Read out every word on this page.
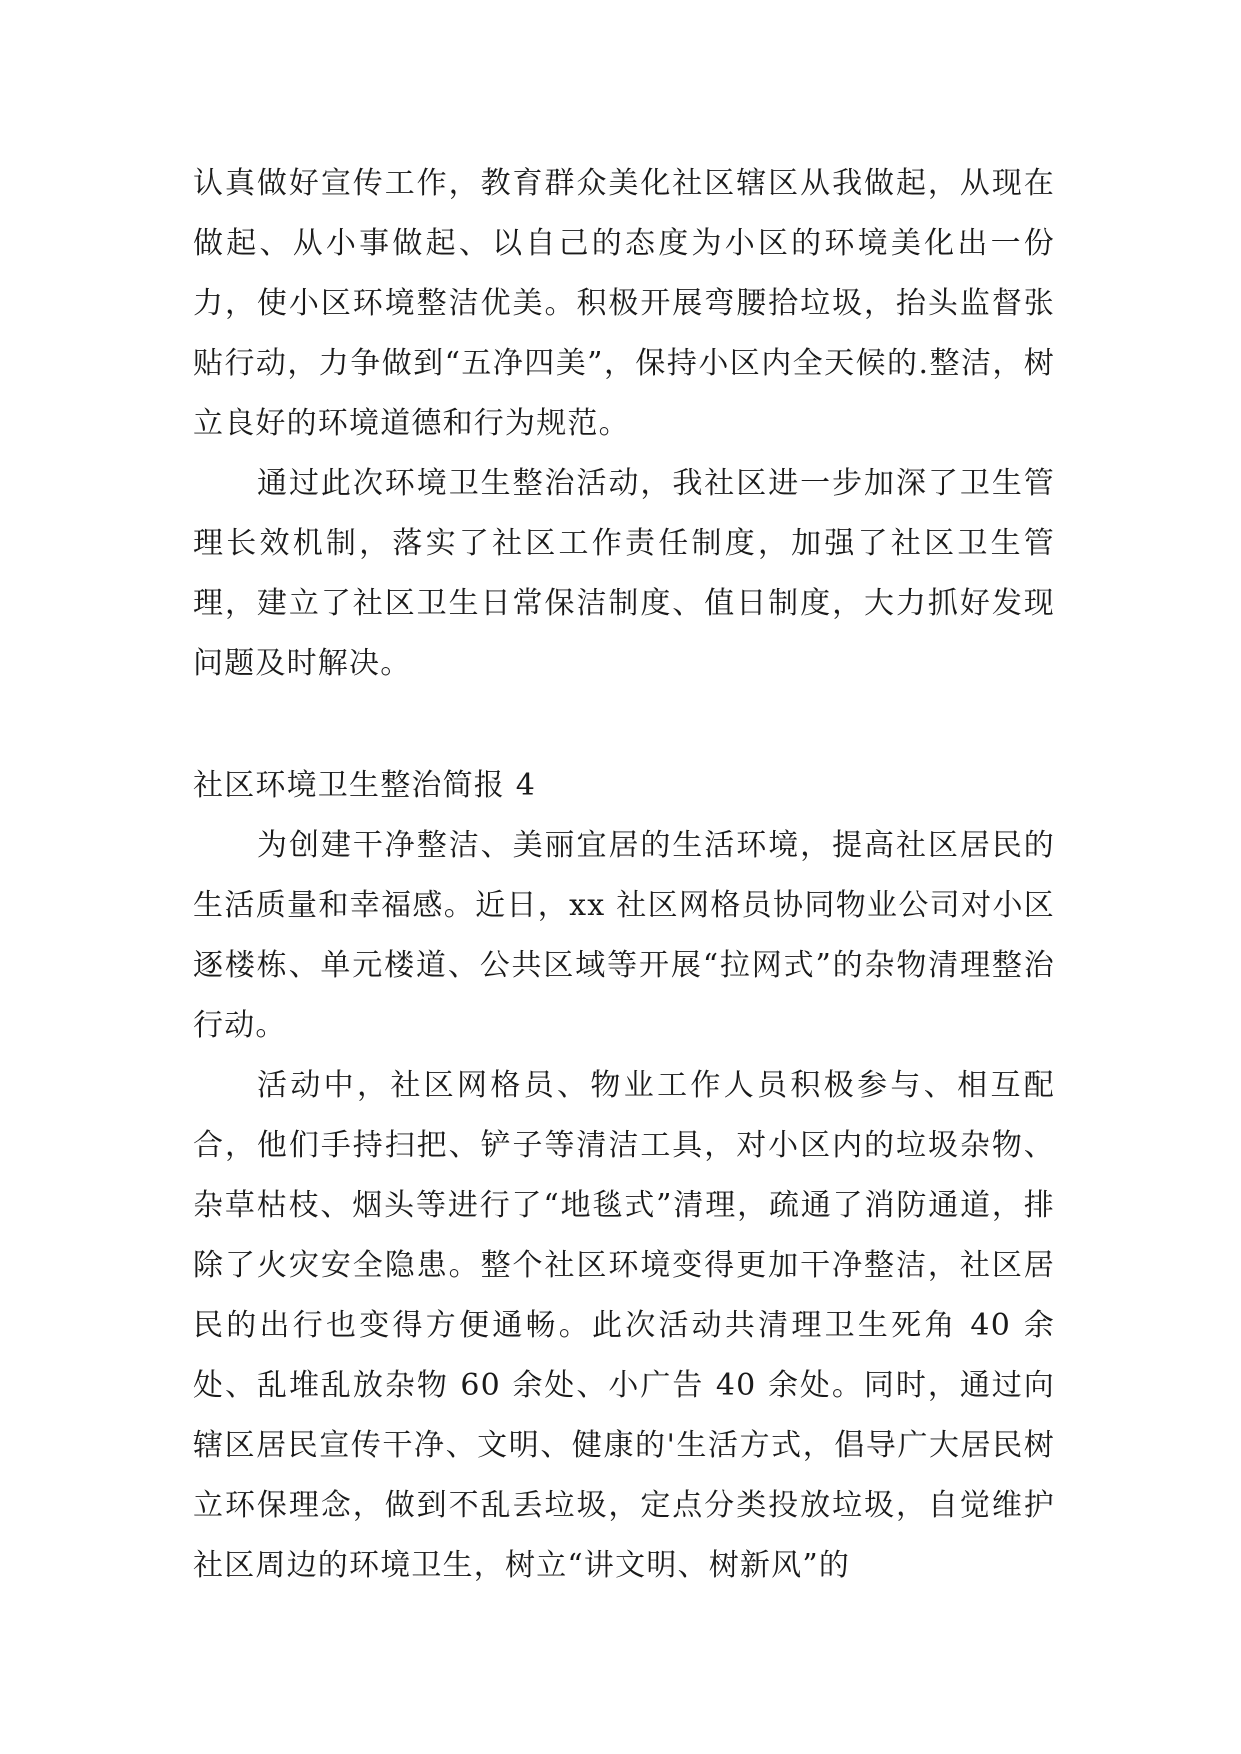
认真做好宣传工作，教育群众美化社区辖区从我做起，从现在做起、从小事做起、以自己的态度为小区的环境美化出一份力，使小区环境整洁优美。积极开展弯腰拾垃圾，抬头监督张贴行动，力争做到“五净四美”，保持小区内全天候的.整洁，树立良好的环境道德和行为规范。

通过此次环境卫生整治活动，我社区进一步加深了卫生管理长效机制，落实了社区工作责任制度，加强了社区卫生管理，建立了社区卫生日常保洁制度、值日制度，大力抓好发现问题及时解决。

社区环境卫生整治简报 4

为创建干净整洁、美丽宜居的生活环境，提高社区居民的生活质量和幸福感。近日，xx 社区网格员协同物业公司对小区逐楼栋、单元楼道、公共区域等开展“拉网式”的杂物清理整治行动。

活动中，社区网格员、物业工作人员积极参与、相互配合，他们手持扫把、铲子等清洁工具，对小区内的垃圾杂物、杂草枯枝、烟头等进行了“地毯式”清理，疏通了消防通道，排除了火灾安全隐患。整个社区环境变得更加干净整洁，社区居民的出行也变得方便通畅。此次活动共清理卫生死角 40 余处、乱堆乱放杂物 60 余处、小广告 40 余处。同时，通过向辖区居民宣传干净、文明、健康的'生活方式，倡导广大居民树立环保理念，做到不乱丢垃圾，定点分类投放垃圾，自觉维护社区周边的环境卫生，树立“讲文明、树新风”的
